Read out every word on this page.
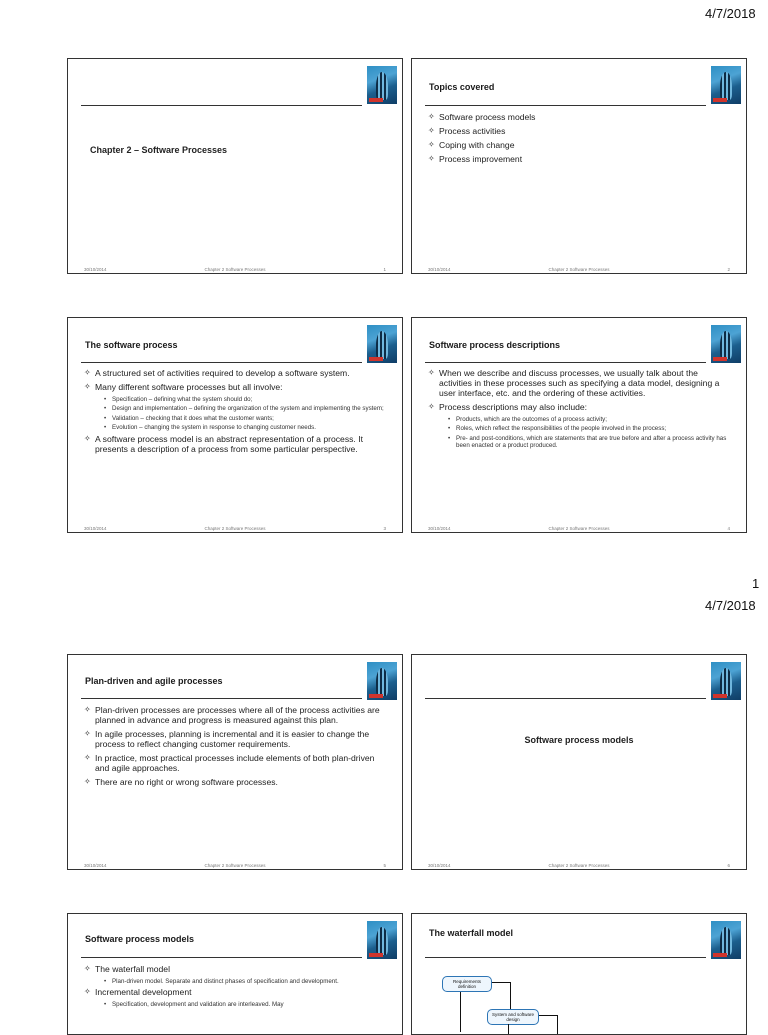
4/7/2018
1
4/7/2018
Chapter 2 – Software Processes
30/10/2014	Chapter 2 Software Processes	1
Topics covered
✧ Software process models
✧ Process activities
✧ Coping with change
✧ Process improvement
30/10/2014	Chapter 2 Software Processes	2
The software process
✧ A structured set of activities required to develop a software system.
✧ Many different software processes but all involve:
• Specification – defining what the system should do;
• Design and implementation – defining the organization of the system and implementing the system;
• Validation – checking that it does what the customer wants;
• Evolution – changing the system in response to changing customer needs.
✧ A software process model is an abstract representation of a process. It presents a description of a process from some particular perspective.
30/10/2014	Chapter 2 Software Processes	3
Software process descriptions
✧ When we describe and discuss processes, we usually talk about the activities in these processes such as specifying a data model, designing a user interface, etc. and the ordering of these activities.
✧ Process descriptions may also include:
• Products, which are the outcomes of a process activity;
• Roles, which reflect the responsibilities of the people involved in the process;
• Pre- and post-conditions, which are statements that are true before and after a process activity has been enacted or a product produced.
30/10/2014	Chapter 2 Software Processes	4
Plan-driven and agile processes
✧ Plan-driven processes are processes where all of the process activities are planned in advance and progress is measured against this plan.
✧ In agile processes, planning is incremental and it is easier to change the process to reflect changing customer requirements.
✧ In practice, most practical processes include elements of both plan-driven and agile approaches.
✧ There are no right or wrong software processes.
30/10/2014	Chapter 2 Software Processes	5
Software process models
30/10/2014	Chapter 2 Software Processes	6
Software process models
✧ The waterfall model
• Plan-driven model. Separate and distinct phases of specification and development.
✧ Incremental development
• Specification, development and validation are interleaved. May
The waterfall model
Requirements definition
System and software design
